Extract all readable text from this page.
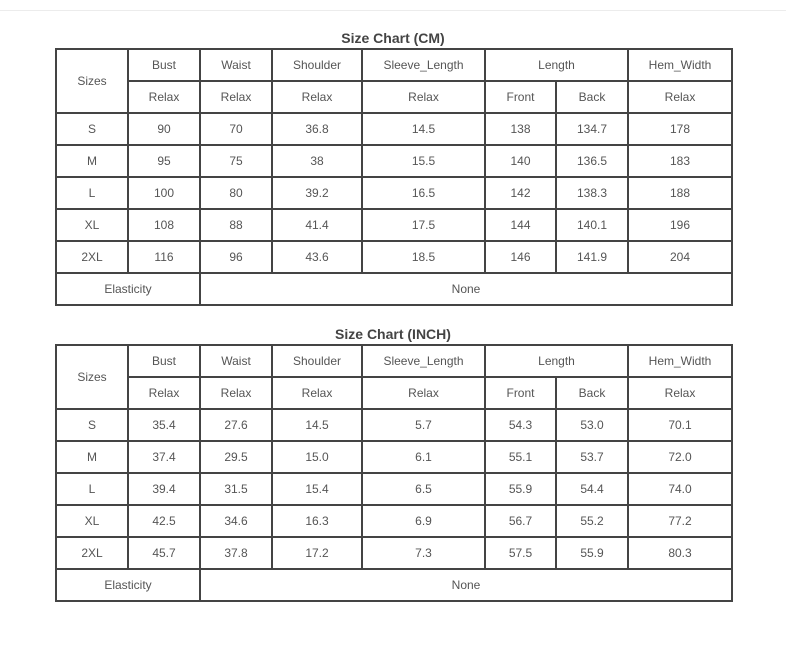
Size Chart (CM)
Sizes	Bust	Waist	Shoulder	Sleeve_Length	Length		Hem_Width
	Relax	Relax	Relax	Relax	Front	Back	Relax
S	90	70	36.8	14.5	138	134.7	178
M	95	75	38	15.5	140	136.5	183
L	100	80	39.2	16.5	142	138.3	188
XL	108	88	41.4	17.5	144	140.1	196
2XL	116	96	43.6	18.5	146	141.9	204
Elasticity		None					
Size Chart (INCH)
Sizes	Bust	Waist	Shoulder	Sleeve_Length	Length		Hem_Width
	Relax	Relax	Relax	Relax	Front	Back	Relax
S	35.4	27.6	14.5	5.7	54.3	53.0	70.1
M	37.4	29.5	15.0	6.1	55.1	53.7	72.0
L	39.4	31.5	15.4	6.5	55.9	54.4	74.0
XL	42.5	34.6	16.3	6.9	56.7	55.2	77.2
2XL	45.7	37.8	17.2	7.3	57.5	55.9	80.3
Elasticity		None					
